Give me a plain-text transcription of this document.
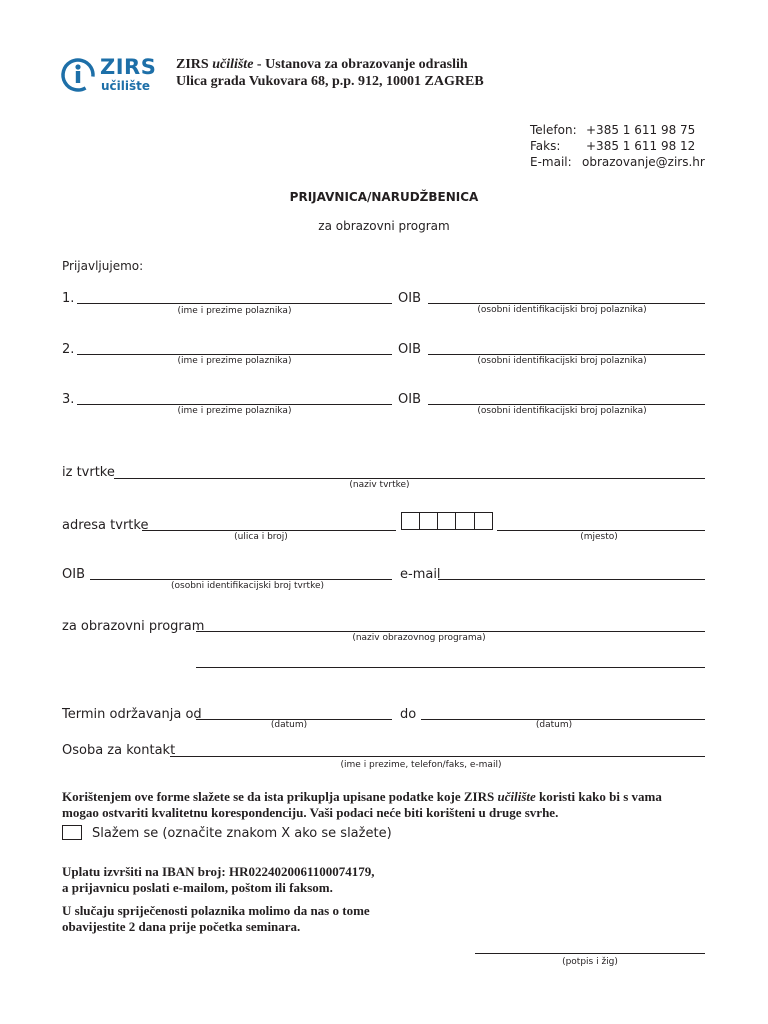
ZIRS
učilište
ZIRS učilište - Ustanova za obrazovanje odraslih
Ulica grada Vukovara 68, p.p. 912, 10001 ZAGREB
Telefon: +385 1 611 98 75
Faks: +385 1 611 98 12
E-mail: obrazovanje@zirs.hr
PRIJAVNICA/NARUDŽBENICA
za obrazovni program
Prijavljujemo:
1.
(ime i prezime polaznika)
OIB
(osobni identifikacijski broj polaznika)
2.
(ime i prezime polaznika)
OIB
(osobni identifikacijski broj polaznika)
3.
(ime i prezime polaznika)
OIB
(osobni identifikacijski broj polaznika)
iz tvrtke
(naziv tvrtke)
adresa tvrtke
(ulica i broj)	(mjesto)
OIB
(osobni identifikacijski broj tvrtke)
e-mail
za obrazovni program
(naziv obrazovnog programa)
Termin održavanja od
(datum)
do
(datum)
Osoba za kontakt
(ime i prezime, telefon/faks, e-mail)
Korištenjem ove forme slažete se da ista prikuplja upisane podatke koje ZIRS učilište koristi kako bi s vama
mogao ostvariti kvalitetnu korespondenciju. Vaši podaci neće biti korišteni u druge svrhe.
Slažem se (označite znakom X ako se slažete)
Uplatu izvršiti na IBAN broj: HR0224020061100074179,
a prijavnicu poslati e-mailom, poštom ili faksom.
U slučaju spriječenosti polaznika molimo da nas o tome
obavijestite 2 dana prije početka seminara.
(potpis i žig)
